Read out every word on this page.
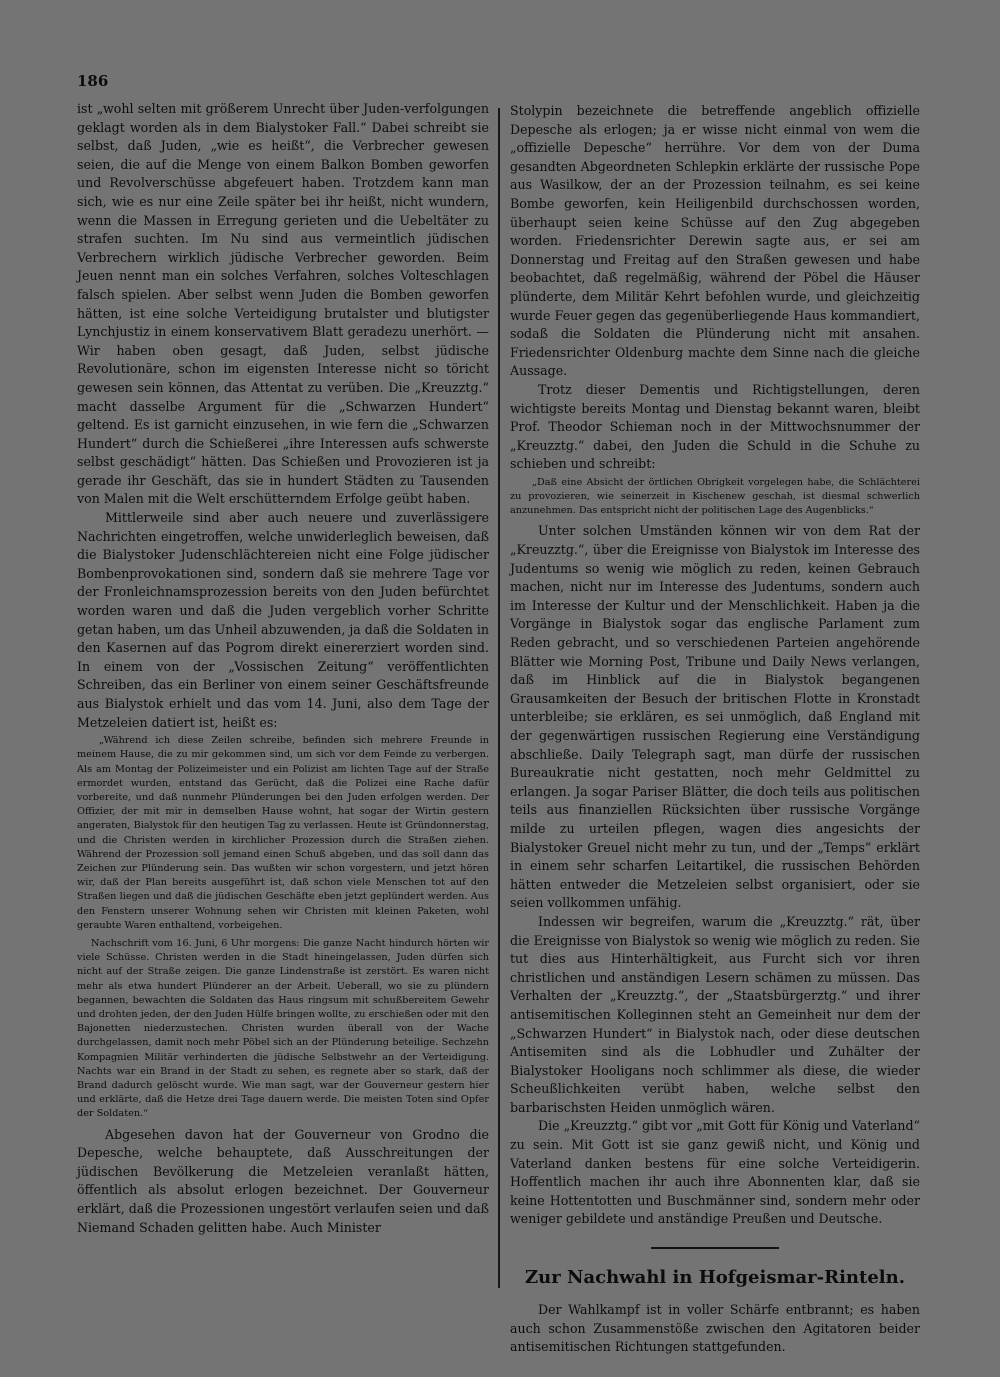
186

ist „wohl selten mit größerem Unrecht über Juden-verfolgungen geklagt worden als in dem Bialystoker Fall.“ Dabei schreibt sie selbst, daß Juden, „wie es heißt“, die Verbrecher gewesen seien, die auf die Menge von einem Balkon Bomben geworfen und Revolverschüsse abgefeuert haben. Trotzdem kann man sich, wie es nur eine Zeile später bei ihr heißt, nicht wundern, wenn die Massen in Erregung gerieten und die Uebeltäter zu strafen suchten. Im Nu sind aus vermeintlich jüdischen Verbrechern wirklich jüdische Verbrecher geworden. Beim Jeuen nennt man ein solches Verfahren, solches Volteschlagen falsch spielen. Aber selbst wenn Juden die Bomben geworfen hätten, ist eine solche Verteidigung brutalster und blutigster Lynchjustiz in einem konservativem Blatt geradezu unerhört. — Wir haben oben gesagt, daß Juden, selbst jüdische Revolutionäre, schon im eigensten Interesse nicht so töricht gewesen sein können, das Attentat zu verüben. Die „Kreuzztg.“ macht dasselbe Argument für die „Schwarzen Hundert“ geltend. Es ist garnicht einzusehen, in wie fern die „Schwarzen Hundert“ durch die Schießerei „ihre Interessen aufs schwerste selbst geschädigt“ hätten. Das Schießen und Provozieren ist ja gerade ihr Geschäft, das sie in hundert Städten zu Tausenden von Malen mit die Welt erschütterndem Erfolge geübt haben.

Mittlerweile sind aber auch neuere und zuverlässigere Nachrichten eingetroffen, welche unwiderleglich beweisen, daß die Bialystoker Judenschlächtereien nicht eine Folge jüdischer Bombenprovokationen sind, sondern daß sie mehrere Tage vor der Fronleichnamsprozession bereits von den Juden befürchtet worden waren und daß die Juden vergeblich vorher Schritte getan haben, um das Unheil abzuwenden, ja daß die Soldaten in den Kasernen auf das Pogrom direkt einererziert worden sind. In einem von der „Vossischen Zeitung“ veröffentlichten Schreiben, das ein Berliner von einem seiner Geschäftsfreunde aus Bialystok erhielt und das vom 14. Juni, also dem Tage der Metzeleien datiert ist, heißt es:

„Während ich diese Zeilen schreibe, befinden sich mehrere Freunde in meinem Hause, die zu mir gekommen sind, um sich vor dem Feinde zu verbergen. Als am Montag der Polizeimeister und ein Polizist am lichten Tage auf der Straße ermordet wurden, entstand das Gerücht, daß die Polizei eine Rache dafür vorbereite, und daß nunmehr Plünderungen bei den Juden erfolgen werden. Der Offizier, der mit mir in demselben Hause wohnt, hat sogar der Wirtin gestern angeraten, Bialystok für den heutigen Tag zu verlassen. Heute ist Gründonnerstag, und die Christen werden in kirchlicher Prozession durch die Straßen ziehen. Während der Prozession soll jemand einen Schuß abgeben, und das soll dann das Zeichen zur Plünderung sein. Das wußten wir schon vorgestern, und jetzt hören wir, daß der Plan bereits ausgeführt ist, daß schon viele Menschen tot auf den Straßen liegen und daß die jüdischen Geschäfte eben jetzt geplündert werden. Aus den Fenstern unserer Wohnung sehen wir Christen mit kleinen Paketen, wohl geraubte Waren enthaltend, vorbeigehen.

Nachschrift vom 16. Juni, 6 Uhr morgens: Die ganze Nacht hindurch hörten wir viele Schüsse. Christen werden in die Stadt hineingelassen, Juden dürfen sich nicht auf der Straße zeigen. Die ganze Lindenstraße ist zerstört. Es waren nicht mehr als etwa hundert Plünderer an der Arbeit. Ueberall, wo sie zu plündern begannen, bewachten die Soldaten das Haus ringsum mit schußbereitem Gewehr und drohten jeden, der den Juden Hülfe bringen wollte, zu erschießen oder mit den Bajonetten niederzustechen. Christen wurden überall von der Wache durchgelassen, damit noch mehr Pöbel sich an der Plünderung beteilige. Sechzehn Kompagnien Militär verhinderten die jüdische Selbstwehr an der Verteidigung. Nachts war ein Brand in der Stadt zu sehen, es regnete aber so stark, daß der Brand dadurch gelöscht wurde. Wie man sagt, war der Gouverneur gestern hier und erklärte, daß die Hetze drei Tage dauern werde. Die meisten Toten sind Opfer der Soldaten.“

Abgesehen davon hat der Gouverneur von Grodno die Depesche, welche behauptete, daß Ausschreitungen der jüdischen Bevölkerung die Metzeleien veranlaßt hätten, öffentlich als absolut erlogen bezeichnet. Der Gouverneur erklärt, daß die Prozessionen ungestört verlaufen seien und daß Niemand Schaden gelitten habe. Auch Minister

Stolypin bezeichnete die betreffende angeblich offizielle Depesche als erlogen; ja er wisse nicht einmal von wem die „offizielle Depesche“ herrühre. Vor dem von der Duma gesandten Abgeordneten Schlepkin erklärte der russische Pope aus Wasilkow, der an der Prozession teilnahm, es sei keine Bombe geworfen, kein Heiligenbild durchschossen worden, überhaupt seien keine Schüsse auf den Zug abgegeben worden. Friedensrichter Derewin sagte aus, er sei am Donnerstag und Freitag auf den Straßen gewesen und habe beobachtet, daß regelmäßig, während der Pöbel die Häuser plünderte, dem Militär Kehrt befohlen wurde, und gleichzeitig wurde Feuer gegen das gegenüberliegende Haus kommandiert, sodaß die Soldaten die Plünderung nicht mit ansahen. Friedensrichter Oldenburg machte dem Sinne nach die gleiche Aussage.

Trotz dieser Dementis und Richtigstellungen, deren wichtigste bereits Montag und Dienstag bekannt waren, bleibt Prof. Theodor Schieman noch in der Mittwochsnummer der „Kreuzztg.“ dabei, den Juden die Schuld in die Schuhe zu schieben und schreibt:

„Daß eine Absicht der örtlichen Obrigkeit vorgelegen habe, die Schlächterei zu provozieren, wie seinerzeit in Kischenew geschah, ist diesmal schwerlich anzunehmen. Das entspricht nicht der politischen Lage des Augenblicks.“

Unter solchen Umständen können wir von dem Rat der „Kreuzztg.“, über die Ereignisse von Bialystok im Interesse des Judentums so wenig wie möglich zu reden, keinen Gebrauch machen, nicht nur im Interesse des Judentums, sondern auch im Interesse der Kultur und der Menschlichkeit. Haben ja die Vorgänge in Bialystok sogar das englische Parlament zum Reden gebracht, und so verschiedenen Parteien angehörende Blätter wie Morning Post, Tribune und Daily News verlangen, daß im Hinblick auf die in Bialystok begangenen Grausamkeiten der Besuch der britischen Flotte in Kronstadt unterbleibe; sie erklären, es sei unmöglich, daß England mit der gegenwärtigen russischen Regierung eine Verständigung abschließe. Daily Telegraph sagt, man dürfe der russischen Bureaukratie nicht gestatten, noch mehr Geldmittel zu erlangen. Ja sogar Pariser Blätter, die doch teils aus politischen teils aus finanziellen Rücksichten über russische Vorgänge milde zu urteilen pflegen, wagen dies angesichts der Bialystoker Greuel nicht mehr zu tun, und der „Temps“ erklärt in einem sehr scharfen Leitartikel, die russischen Behörden hätten entweder die Metzeleien selbst organisiert, oder sie seien vollkommen unfähig.

Indessen wir begreifen, warum die „Kreuzztg.“ rät, über die Ereignisse von Bialystok so wenig wie möglich zu reden. Sie tut dies aus Hinterhältigkeit, aus Furcht sich vor ihren christlichen und anständigen Lesern schämen zu müssen. Das Verhalten der „Kreuzztg.“, der „Staatsbürgerztg.“ und ihrer antisemitischen Kolleginnen steht an Gemeinheit nur dem der „Schwarzen Hundert“ in Bialystok nach, oder diese deutschen Antisemiten sind als die Lobhudler und Zuhälter der Bialystoker Hooligans noch schlimmer als diese, die wieder Scheußlichkeiten verübt haben, welche selbst den barbarischsten Heiden unmöglich wären.

Die „Kreuzztg.“ gibt vor „mit Gott für König und Vaterland“ zu sein. Mit Gott ist sie ganz gewiß nicht, und König und Vaterland danken bestens für eine solche Verteidigerin. Hoffentlich machen ihr auch ihre Abonnenten klar, daß sie keine Hottentotten und Buschmänner sind, sondern mehr oder weniger gebildete und anständige Preußen und Deutsche.

Zur Nachwahl in Hofgeismar-Rinteln.

Der Wahlkampf ist in voller Schärfe entbrannt; es haben auch schon Zusammenstöße zwischen den Agitatoren beider antisemitischen Richtungen stattgefunden.
